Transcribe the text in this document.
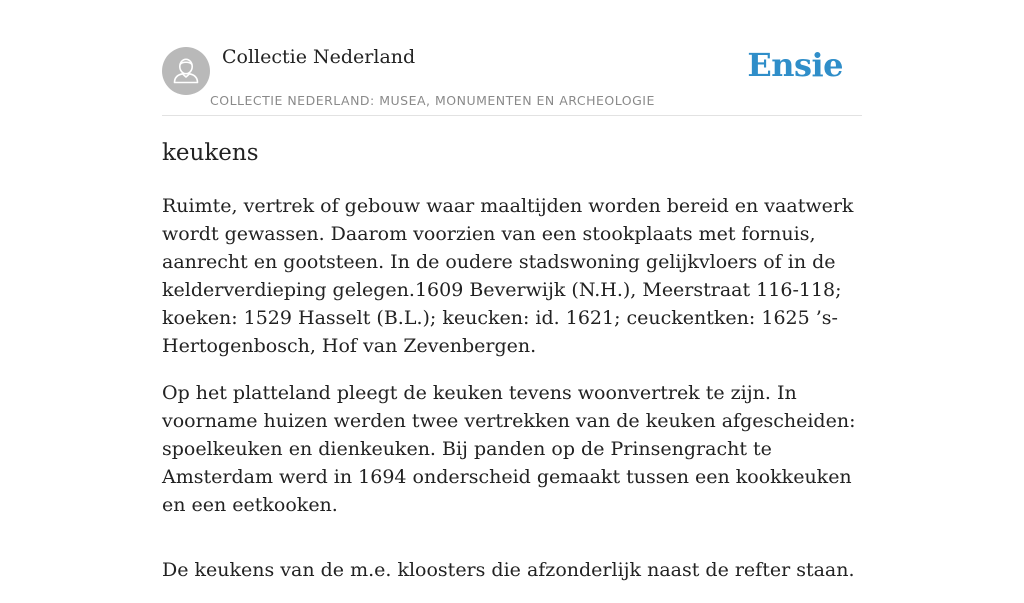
Collectie Nederland
COLLECTIE NEDERLAND: MUSEA, MONUMENTEN EN ARCHEOLOGIE
Ensie
keukens

Ruimte, vertrek of gebouw waar maaltijden worden bereid en vaatwerk wordt gewassen. Daarom voorzien van een stookplaats met fornuis, aanrecht en gootsteen. In de oudere stadswoning gelijkvloers of in de kelderverdieping gelegen.1609 Beverwijk (N.H.), Meerstraat 116-118; koeken: 1529 Hasselt (B.L.); keucken: id. 1621; ceuckentken: 1625 ’s-Hertogenbosch, Hof van Zevenbergen.

Op het platteland pleegt de keuken tevens woonvertrek te zijn. In voorname huizen werden twee vertrekken van de keuken afgescheiden: spoelkeuken en dienkeuken. Bij panden op de Prinsengracht te Amsterdam werd in 1694 onderscheid gemaakt tussen een kookkeuken en een eetkooken.

De keukens van de m.e. kloosters die afzonderlijk naast de refter staan.
